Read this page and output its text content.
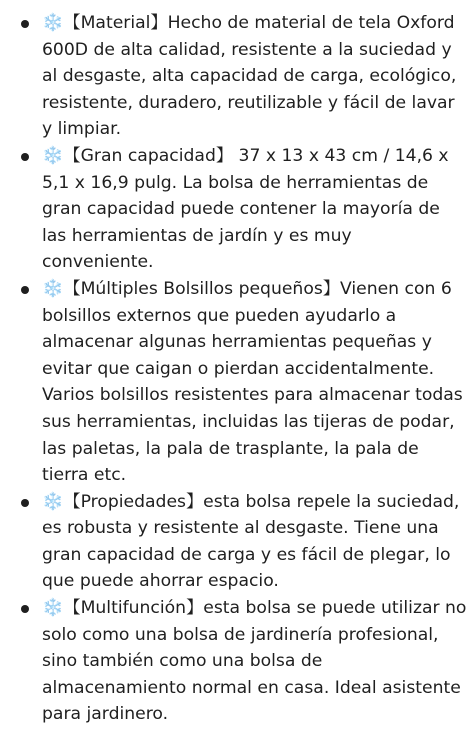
❄️【Material】Hecho de material de tela Oxford 600D de alta calidad, resistente a la suciedad y al desgaste, alta capacidad de carga, ecológico, resistente, duradero, reutilizable y fácil de lavar y limpiar.
❄️【Gran capacidad】 37 x 13 x 43 cm / 14,6 x 5,1 x 16,9 pulg. La bolsa de herramientas de gran capacidad puede contener la mayoría de las herramientas de jardín y es muy conveniente.
❄️【Múltiples Bolsillos pequeños】Vienen con 6 bolsillos externos que pueden ayudarlo a almacenar algunas herramientas pequeñas y evitar que caigan o pierdan accidentalmente. Varios bolsillos resistentes para almacenar todas sus herramientas, incluidas las tijeras de podar, las paletas, la pala de trasplante, la pala de tierra etc.
❄️【Propiedades】esta bolsa repele la suciedad, es robusta y resistente al desgaste. Tiene una gran capacidad de carga y es fácil de plegar, lo que puede ahorrar espacio.
❄️【Multifunción】esta bolsa se puede utilizar no solo como una bolsa de jardinería profesional, sino también como una bolsa de almacenamiento normal en casa. Ideal asistente para jardinero.
